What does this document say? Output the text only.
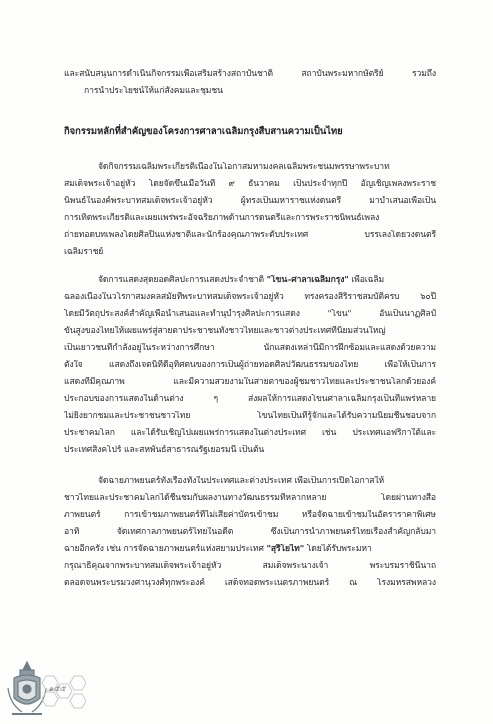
และสนับสนุนการดำเนินกิจกรรมเพื่อเสริมสร้างสถาบันชาติ สถาบันพระมหากษัตริย์ รวมถึง
การนำประโยชน์ให้แก่สังคมและชุมชน
กิจกรรมหลักที่สำคัญของโครงการศาลาเฉลิมกรุงสืบสานความเป็นไทย
จัดกิจกรรมเฉลิมพระเกียรติเนื่องในโอกาสมหามงคลเฉลิมพระชนมพรรษาพระบาท
สมเด็จพระเจ้าอยู่หัว โดยจัดขึ้นเมื่อวันที่ ๙ ธันวาคม เป็นประจำทุกปี อัญเชิญเพลงพระราช
นิพนธ์ในองค์พระบาทสมเด็จพระเจ้าอยู่หัว ผู้ทรงเป็นมหาราชแห่งดนตรี มาบำเสนอเพื่อเป็น
การเทิดพระเกียรติและเผยแพร่พระอัจฉริยภาพด้านการดนตรีและการพระราชนิพนธ์เพลง
ถ่ายทอดบทเพลงโดยศิลปินแห่งชาติและนักร้องคุณภาพระดับประเทศ บรรเลงโดยวงดนตรี
เฉลิมราชย์
จัดการแสดงสุดยอดศิลปะการแสดงประจำชาติ "โขน–ศาลาเฉลิมกรุง" เพื่อเฉลิม
ฉลองเนื่องในวโรกาสมงคลสมัยที่พระบาทสมเด็จพระเจ้าอยู่หัว ทรงครองสิริราชสมบัติครบ ๖๐ปี
โดยมีวัตถุประสงค์สำคัญเพื่อนำเสนอและทำนุบำรุงศิลปะการแสดง "โขน" อันเป็นนาฏศิลป์
ขั้นสูงของไทยให้เผยแพร่สู่สายตาประชาชนทั้งชาวไทยและชาวต่างประเทศที่นิยมส่วนใหญ่
เป็นเยาวชนที่กำลังอยู่ในระหว่างการศึกษา นักแสดงเหล่านี้มีการฝึกซ้อมและแสดงด้วยความ
ตั้งใจ แสดงถึงเจตนิที่ดีอุทิศตนของการเป็นผู้ถ่ายทอดศิลปวัฒนธรรมของไทย เพื่อให้เป็นการ
แสดงที่มีคุณภาพ และมีความสวยงามในสายตาของผู้ชมชาวไทยและประชาชนโลกด้วยองค์
ประกอบของการแสดงในด้านต่าง ๆ ส่งผลให้การแสดงโขนศาลาเฉลิมกรุงเป็นที่แพร่หลาย
ไม่ยิ่งยากชมและประชาชนชาวไทย โขนไทยเป็นที่รู้จักและได้รับความนิยมชื่นชอบจาก
ประชาคมโลก และได้รับเชิญไปเผยแพร่การแสดงในต่างประเทศ เช่น ประเทศแอฟริกาใต้และ
ประเทศสิงคโปร์ และสหพันธ์สาธารณรัฐเยอรมนี เป็นต้น
จัดฉายภาพยนตร์ทั้งเรื่องทั้งในประเทศและต่างประเทศ เพื่อเป็นการเปิดโอกาสให้
ชาวไทยและประชาคมโลกได้ชื่นชมกับผลงานทางวัฒนธรรมที่หลากหลาย โดยผ่านทางสื่อ
ภาพยนตร์ การเข้าชมภาพยนตร์ที่ไม่เสียค่าบัตรเข้าชม หรือจัดฉายเข้าชมในอัตราราคาพิเศษ
อาทิ จัดเทศกาลภาพยนตร์ไทยในอดีต ซึ่งเป็นการนำภาพยนตร์ไทยเรื่องสำคัญกลับมา
ฉายอีกครั้ง เช่น การจัดฉายภาพยนตร์แห่งสยามประเทศ "สุริโยไท" โดยได้รับพระมหา
กรุณาธิคุณจากพระบาทสมเด็จพระเจ้าอยู่หัว สมเด็จพระนางเจ้า พระบรมราชินีนาถ
ตลอดจนพระบรมวงศานุวงศ์ทุกพระองค์ เสด็จทอดพระเนตรภาพยนตร์ ณ โรงมหรสพหลวง
๑๕๕
